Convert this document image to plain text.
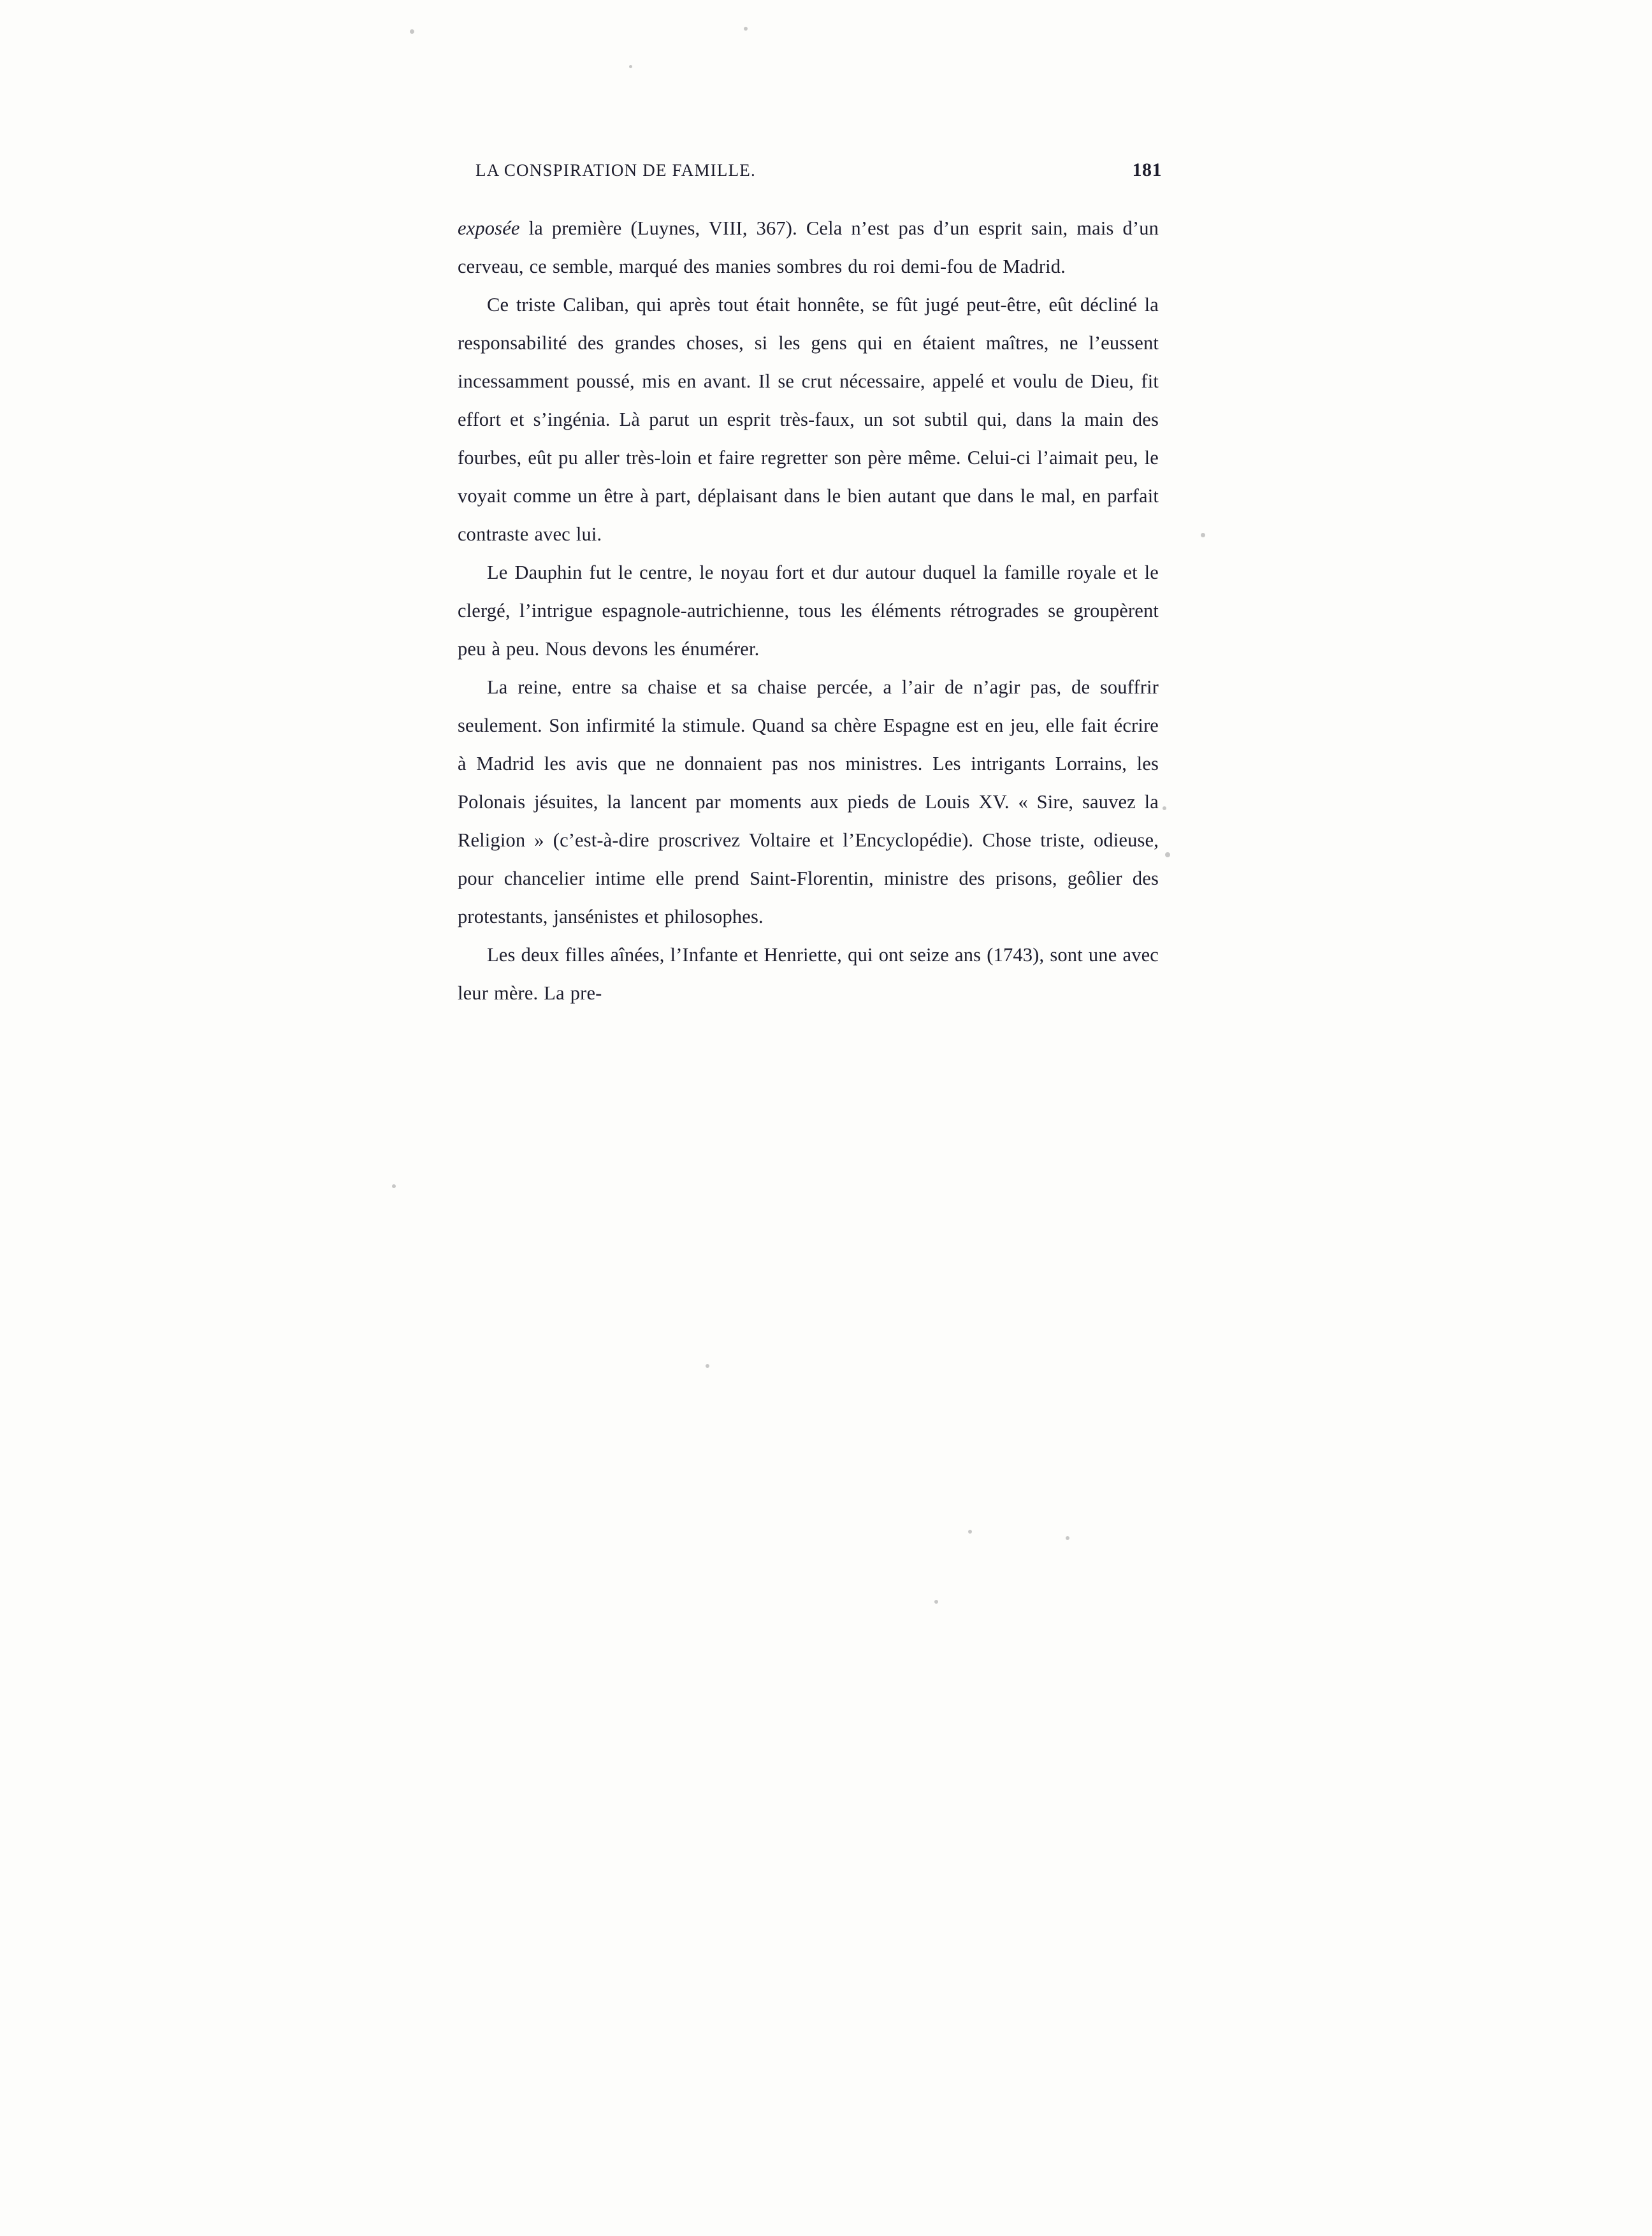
LA CONSPIRATION DE FAMILLE.	181

exposée la première (Luynes, VIII, 367). Cela n’est pas d’un esprit sain, mais d’un cerveau, ce semble, marqué des manies sombres du roi demi-fou de Madrid.

Ce triste Caliban, qui après tout était honnête, se fût jugé peut-être, eût décliné la responsabilité des grandes choses, si les gens qui en étaient maîtres, ne l’eussent incessamment poussé, mis en avant. Il se crut nécessaire, appelé et voulu de Dieu, fit effort et s’ingénia. Là parut un esprit très-faux, un sot subtil qui, dans la main des fourbes, eût pu aller très-loin et faire regretter son père même. Celui-ci l’aimait peu, le voyait comme un être à part, déplaisant dans le bien autant que dans le mal, en parfait contraste avec lui.

Le Dauphin fut le centre, le noyau fort et dur autour duquel la famille royale et le clergé, l’intrigue espagnole-autrichienne, tous les éléments rétrogrades se groupèrent peu à peu. Nous devons les énumérer.

La reine, entre sa chaise et sa chaise percée, a l’air de n’agir pas, de souffrir seulement. Son infirmité la stimule. Quand sa chère Espagne est en jeu, elle fait écrire à Madrid les avis que ne donnaient pas nos ministres. Les intrigants Lorrains, les Polonais jésuites, la lancent par moments aux pieds de Louis XV. « Sire, sauvez la Religion » (c’est-à-dire proscrivez Voltaire et l’Encyclopédie). Chose triste, odieuse, pour chancelier intime elle prend Saint-Florentin, ministre des prisons, geôlier des protestants, jansénistes et philosophes.

Les deux filles aînées, l’Infante et Henriette, qui ont seize ans (1743), sont une avec leur mère. La pre-
